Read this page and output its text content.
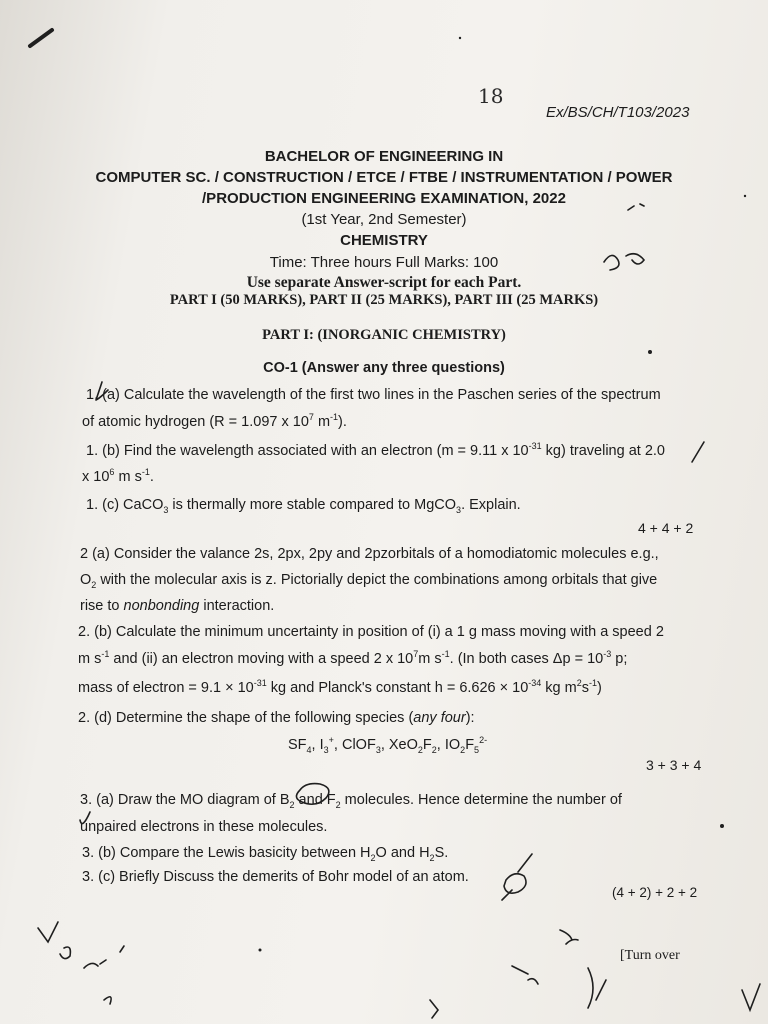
18
Ex/BS/CH/T103/2023
BACHELOR OF ENGINEERING IN
COMPUTER SC. / CONSTRUCTION / ETCE / FTBE / INSTRUMENTATION / POWER
/PRODUCTION ENGINEERING EXAMINATION, 2022
(1st Year, 2nd Semester)
CHEMISTRY
Time: Three hours Full Marks: 100
Use separate Answer-script for each Part.
PART I (50 MARKS), PART II (25 MARKS), PART III (25 MARKS)
PART I: (INORGANIC CHEMISTRY)
CO-1 (Answer any three questions)
1. (a) Calculate the wavelength of the first two lines in the Paschen series of the spectrum
of atomic hydrogen (R = 1.097 x $10^7$ $m^{-1}$).
1. (b) Find the wavelength associated with an electron (m = 9.11 x $10^{-31}$ kg) traveling at 2.0
x $10^6$ m $s^{-1}$.
1. (c) CaCO$_3$ is thermally more stable compared to MgCO$_3$. Explain.
4 + 4 + 2
2 (a) Consider the valance 2s, 2px, 2py and 2pzorbitals of a homodiatomic molecules e.g.,
$O_2$ with the molecular axis is z. Pictorially depict the combinations among orbitals that give
rise to nonbonding interaction.
2. (b) Calculate the minimum uncertainty in position of (i) a 1 g mass moving with a speed 2
m $s^{-1}$ and (ii) an electron moving with a speed 2 x $10^7m$ $s^{-1}$. (In both cases $\Delta p = 10^{-3}$ p;
mass of electron = $9.1 \times 10^{-31}$ kg and Planck's constant $h = 6.626 \times 10^{-34}$ kg $m^2s^{-1}$)
2. (d) Determine the shape of the following species (any four):
$SF_4$, $I_3^+$, ClOF$_3$, $XeO_2F_2$, $IO_2F_5^{2-}$
3 + 3 + 4
3. (a) Draw the MO diagram of $B_2$ and $F_2$ molecules. Hence determine the number of
unpaired electrons in these molecules.
3. (b) Compare the Lewis basicity between $H_2O$ and $H_2S$.
3. (c) Briefly Discuss the demerits of Bohr model of an atom.
(4 + 2) + 2 + 2
[Turn over
